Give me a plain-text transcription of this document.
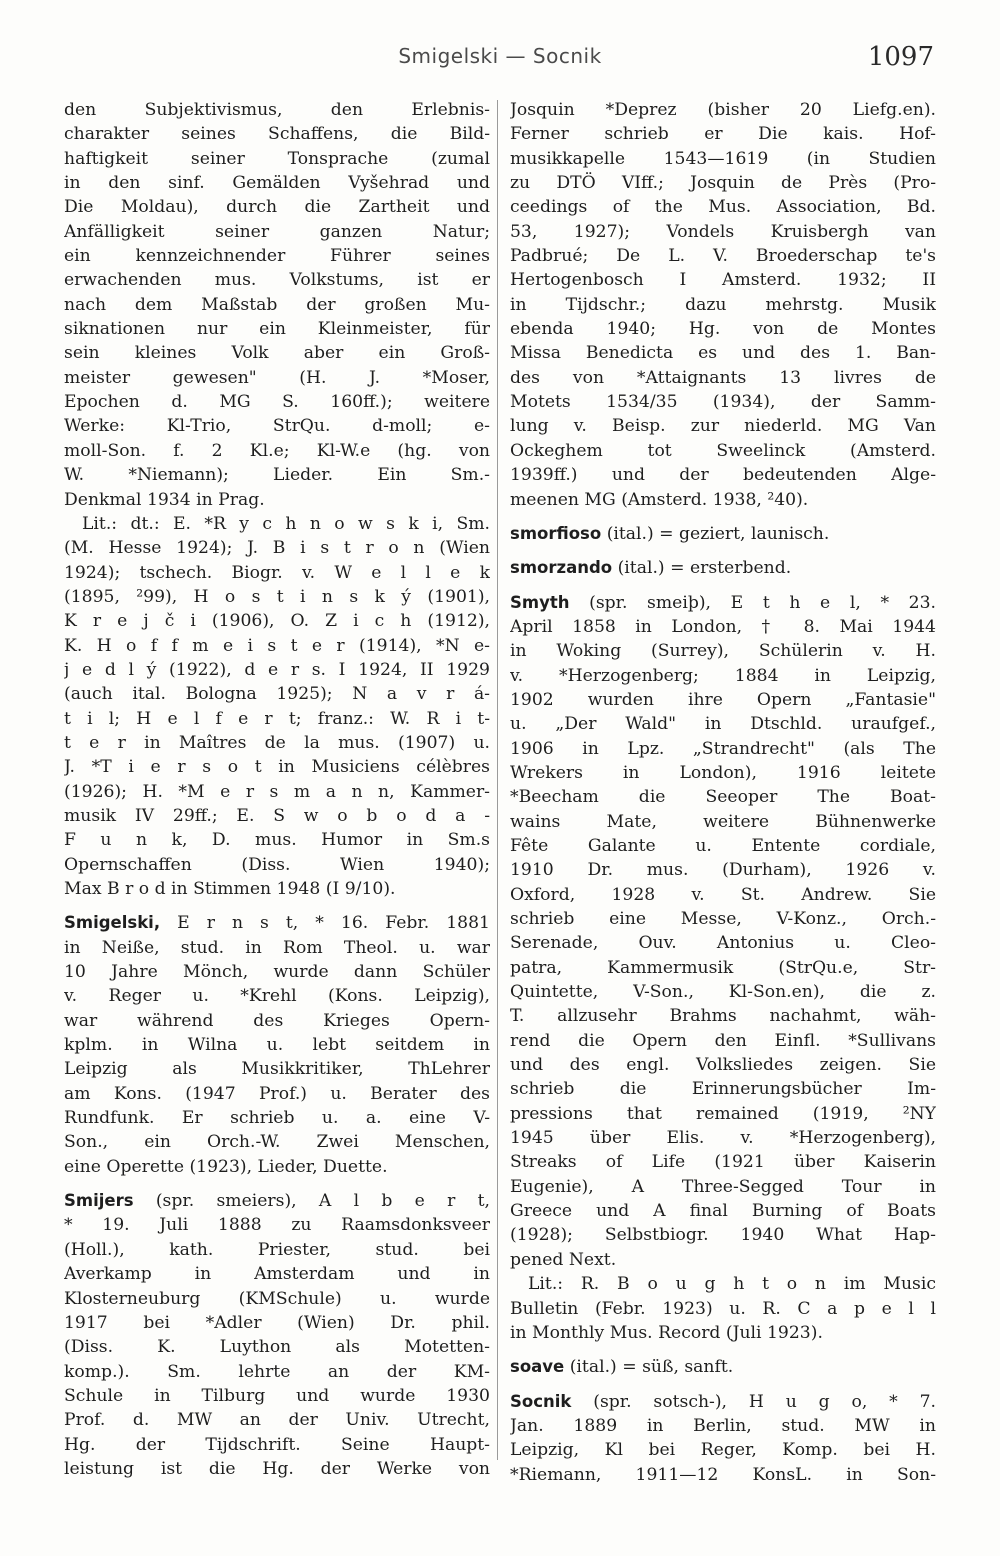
Smigelski — Socnik	1097
den Subjektivismus, den Erlebnis-
charakter seines Schaffens, die Bild-
haftigkeit seiner Tonsprache (zumal
in den sinf. Gemälden Vyšehrad und
Die Moldau), durch die Zartheit und
Anfälligkeit seiner ganzen Natur;
ein kennzeichnender Führer seines
erwachenden mus. Volkstums, ist er
nach dem Maßstab der großen Mu-
siknationen nur ein Kleinmeister, für
sein kleines Volk aber ein Groß-
meister gewesen" (H. J. *Moser,
Epochen d. MG S. 160ff.); weitere
Werke: Kl-Trio, StrQu. d-moll; e-
moll-Son. f. 2 Kl.e; Kl-W.e (hg. von
W. *Niemann); Lieder. Ein Sm.-
Denkmal 1934 in Prag.
Lit.: dt.: E. *R y c h n o w s k i, Sm.
(M. Hesse 1924); J. B i s t r o n (Wien
1924); tschech. Biogr. v. W e l l e k
(1895, ²99), H o s t i n s k ý (1901),
K r e j č i (1906), O. Z i c h (1912),
K. H o f f m e i s t e r (1914), *N e-
j e d l ý (1922), d e r s. I 1924, II 1929
(auch ital. Bologna 1925); N a v r á-
t i l; H e l f e r t; franz.: W. R i t-
t e r in Maîtres de la mus. (1907) u.
J. *T i e r s o t in Musiciens célèbres
(1926); H. *M e r s m a n n, Kammer-
musik IV 29ff.; E. S w o b o d a -
F u n k, D. mus. Humor in Sm.s
Opernschaffen (Diss. Wien 1940);
Max B r o d in Stimmen 1948 (I 9/10).
Smigelski, E r n s t, * 16. Febr. 1881
in Neiße, stud. in Rom Theol. u. war
10 Jahre Mönch, wurde dann Schüler
v. Reger u. *Krehl (Kons. Leipzig),
war während des Krieges Opern-
kplm. in Wilna u. lebt seitdem in
Leipzig als Musikkritiker, ThLehrer
am Kons. (1947 Prof.) u. Berater des
Rundfunk. Er schrieb u. a. eine V-
Son., ein Orch.-W. Zwei Menschen,
eine Operette (1923), Lieder, Duette.
Smijers (spr. smeiers), A l b e r t,
* 19. Juli 1888 zu Raamsdonksveer
(Holl.), kath. Priester, stud. bei
Averkamp in Amsterdam und in
Klosterneuburg (KMSchule) u. wurde
1917 bei *Adler (Wien) Dr. phil.
(Diss. K. Luython als Motetten-
komp.). Sm. lehrte an der KM-
Schule in Tilburg und wurde 1930
Prof. d. MW an der Univ. Utrecht,
Hg. der Tijdschrift. Seine Haupt-
leistung ist die Hg. der Werke von
Josquin *Deprez (bisher 20 Liefg.en).
Ferner schrieb er Die kais. Hof-
musikkapelle 1543—1619 (in Studien
zu DTÖ VIff.; Josquin de Près (Pro-
ceedings of the Mus. Association, Bd.
53, 1927); Vondels Kruisbergh van
Padbrué; De L. V. Broederschap te's
Hertogenbosch I Amsterd. 1932; II
in Tijdschr.; dazu mehrstg. Musik
ebenda 1940; Hg. von de Montes
Missa Benedicta es und des 1. Ban-
des von *Attaignants 13 livres de
Motets 1534/35 (1934), der Samm-
lung v. Beisp. zur niederld. MG Van
Ockeghem tot Sweelinck (Amsterd.
1939ff.) und der bedeutenden Alge-
meenen MG (Amsterd. 1938, ²40).
smorfioso (ital.) = geziert, launisch.
smorzando (ital.) = ersterbend.
Smyth (spr. smeiþ), E t h e l, * 23.
April 1858 in London, † 8. Mai 1944
in Woking (Surrey), Schülerin v. H.
v. *Herzogenberg; 1884 in Leipzig,
1902 wurden ihre Opern „Fantasie"
u. „Der Wald" in Dtschld. uraufgef.,
1906 in Lpz. „Strandrecht" (als The
Wrekers in London), 1916 leitete
*Beecham die Seeoper The Boat-
wains Mate, weitere Bühnenwerke
Fête Galante u. Entente cordiale,
1910 Dr. mus. (Durham), 1926 v.
Oxford, 1928 v. St. Andrew. Sie
schrieb eine Messe, V-Konz., Orch.-
Serenade, Ouv. Antonius u. Cleo-
patra, Kammermusik (StrQu.e, Str-
Quintette, V-Son., Kl-Son.en), die z.
T. allzusehr Brahms nachahmt, wäh-
rend die Opern den Einfl. *Sullivans
und des engl. Volksliedes zeigen. Sie
schrieb die Erinnerungsbücher Im-
pressions that remained (1919, ²NY
1945 über Elis. v. *Herzogenberg),
Streaks of Life (1921 über Kaiserin
Eugenie), A Three-Segged Tour in
Greece und A final Burning of Boats
(1928); Selbstbiogr. 1940 What Hap-
pened Next.
Lit.: R. B o u g h t o n im Music
Bulletin (Febr. 1923) u. R. C a p e l l
in Monthly Mus. Record (Juli 1923).
soave (ital.) = süß, sanft.
Socnik (spr. sotsch-), H u g o, * 7.
Jan. 1889 in Berlin, stud. MW in
Leipzig, Kl bei Reger, Komp. bei H.
*Riemann, 1911—12 KonsL. in Son-
